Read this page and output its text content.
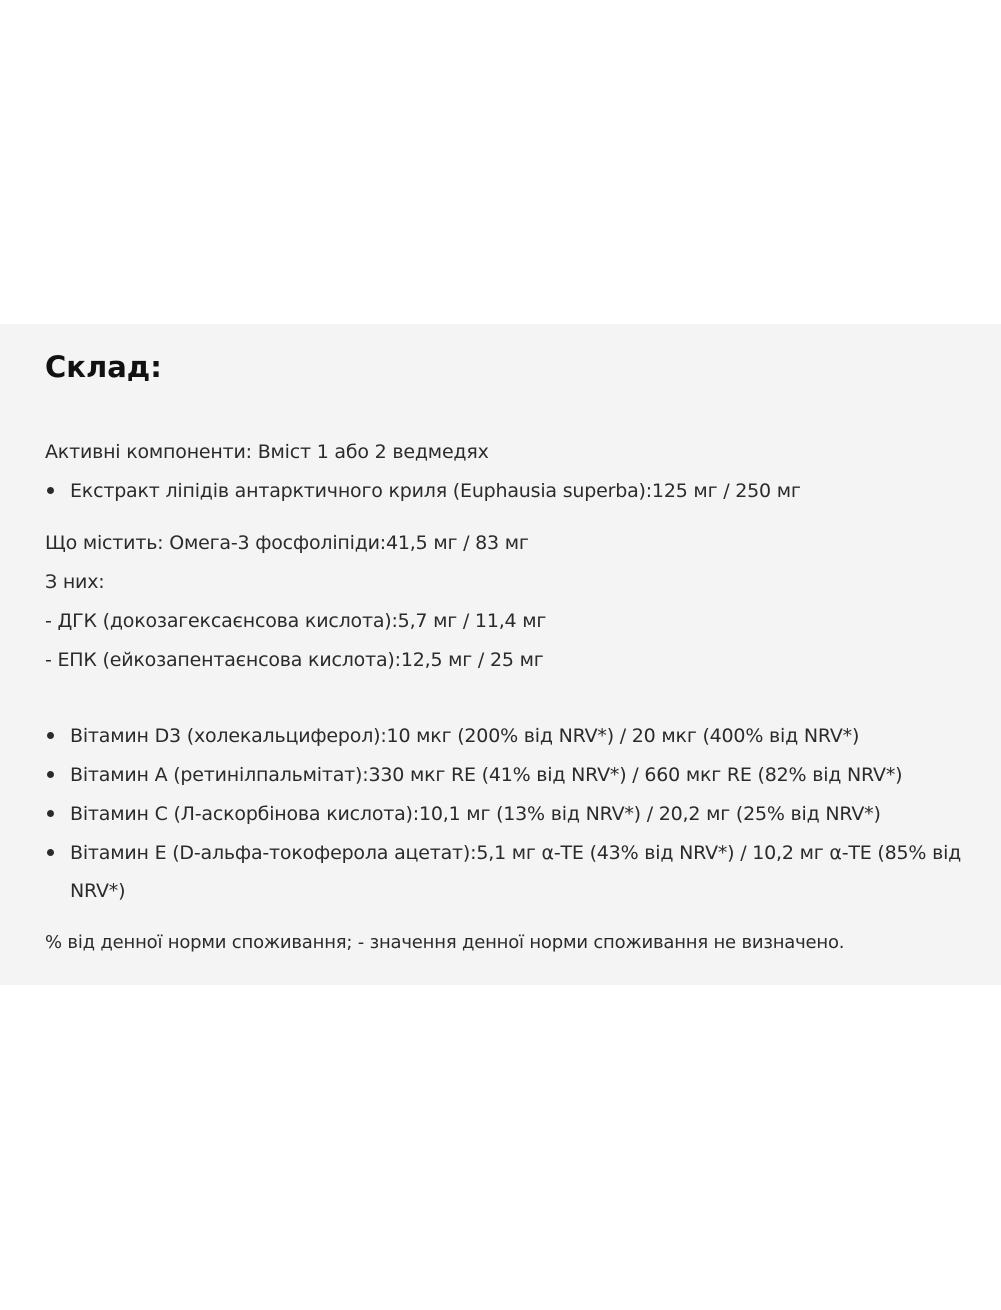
Склад:
Активні компоненти: Вміст 1 або 2 ведмедях
Екстракт ліпідів антарктичного криля (Euphausia superba):125 мг / 250 мг
Що містить: Омега-3 фосфоліпіди:41,5 мг / 83 мг
З них:
- ДГК (докозагексаєнсова кислота):5,7 мг / 11,4 мг
- ЕПК (ейкозапентаєнсова кислота):12,5 мг / 25 мг
Вітамин D3 (холекальциферол):10 мкг (200% від NRV*) / 20 мкг (400% від NRV*)
Вітамин А (ретинілпальмітат):330 мкг RE (41% від NRV*) / 660 мкг RE (82% від NRV*)
Вітамин С (Л-аскорбінова кислота):10,1 мг (13% від NRV*) / 20,2 мг (25% від NRV*)
Вітамин Е (D-альфа-токоферола ацетат):5,1 мг α-TE (43% від NRV*) / 10,2 мг α-TE (85% від NRV*)
% від денної норми споживання; - значення денної норми споживання не визначено.
